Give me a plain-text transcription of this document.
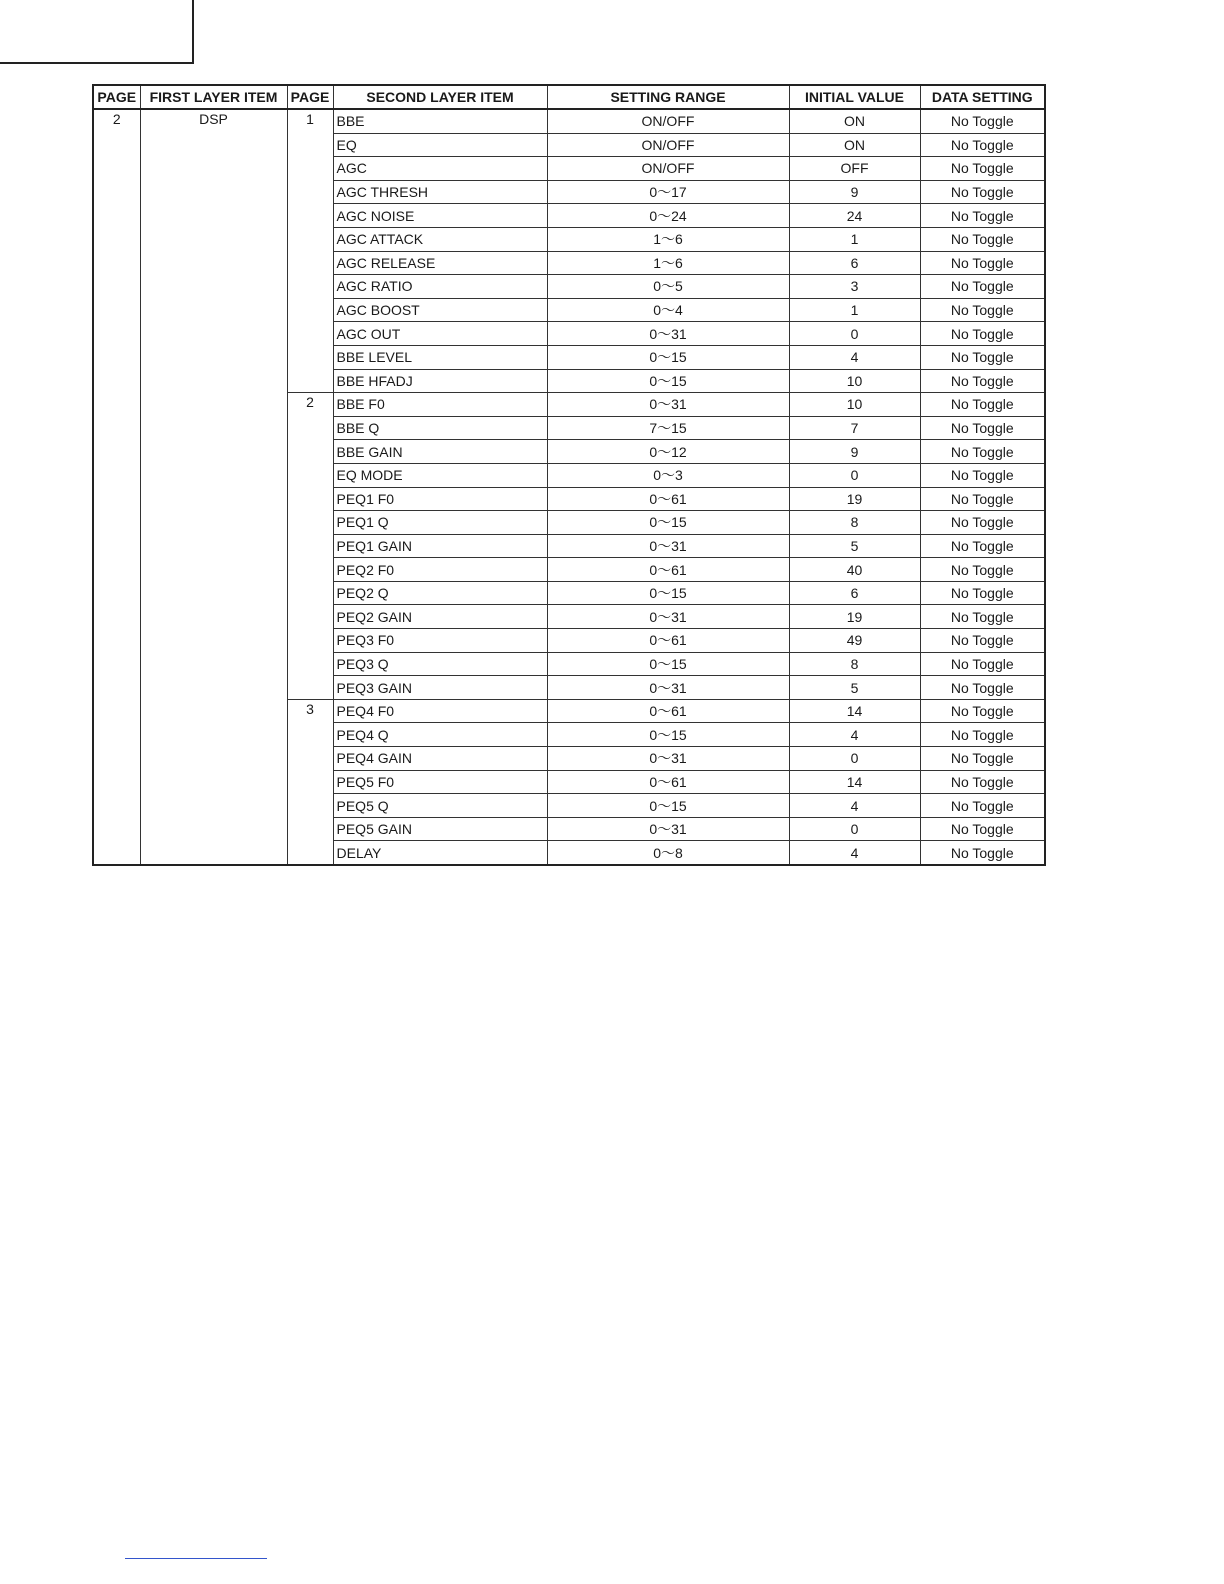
PAGE	FIRST LAYER ITEM	PAGE	SECOND LAYER ITEM	SETTING RANGE	INITIAL VALUE	DATA SETTING
2	DSP	1	BBE	ON/OFF	ON	No Toggle
			EQ	ON/OFF	ON	No Toggle
			AGC	ON/OFF	OFF	No Toggle
			AGC THRESH	0～17	9	No Toggle
			AGC NOISE	0～24	24	No Toggle
			AGC ATTACK	1～6	1	No Toggle
			AGC RELEASE	1～6	6	No Toggle
			AGC RATIO	0～5	3	No Toggle
			AGC BOOST	0～4	1	No Toggle
			AGC OUT	0～31	0	No Toggle
			BBE LEVEL	0～15	4	No Toggle
			BBE HFADJ	0～15	10	No Toggle
		2	BBE F0	0～31	10	No Toggle
			BBE Q	7～15	7	No Toggle
			BBE GAIN	0～12	9	No Toggle
			EQ MODE	0～3	0	No Toggle
			PEQ1 F0	0～61	19	No Toggle
			PEQ1 Q	0～15	8	No Toggle
			PEQ1 GAIN	0～31	5	No Toggle
			PEQ2 F0	0～61	40	No Toggle
			PEQ2 Q	0～15	6	No Toggle
			PEQ2 GAIN	0～31	19	No Toggle
			PEQ3 F0	0～61	49	No Toggle
			PEQ3 Q	0～15	8	No Toggle
			PEQ3 GAIN	0～31	5	No Toggle
		3	PEQ4 F0	0～61	14	No Toggle
			PEQ4 Q	0～15	4	No Toggle
			PEQ4 GAIN	0～31	0	No Toggle
			PEQ5 F0	0～61	14	No Toggle
			PEQ5 Q	0～15	4	No Toggle
			PEQ5 GAIN	0～31	0	No Toggle
			DELAY	0～8	4	No Toggle
